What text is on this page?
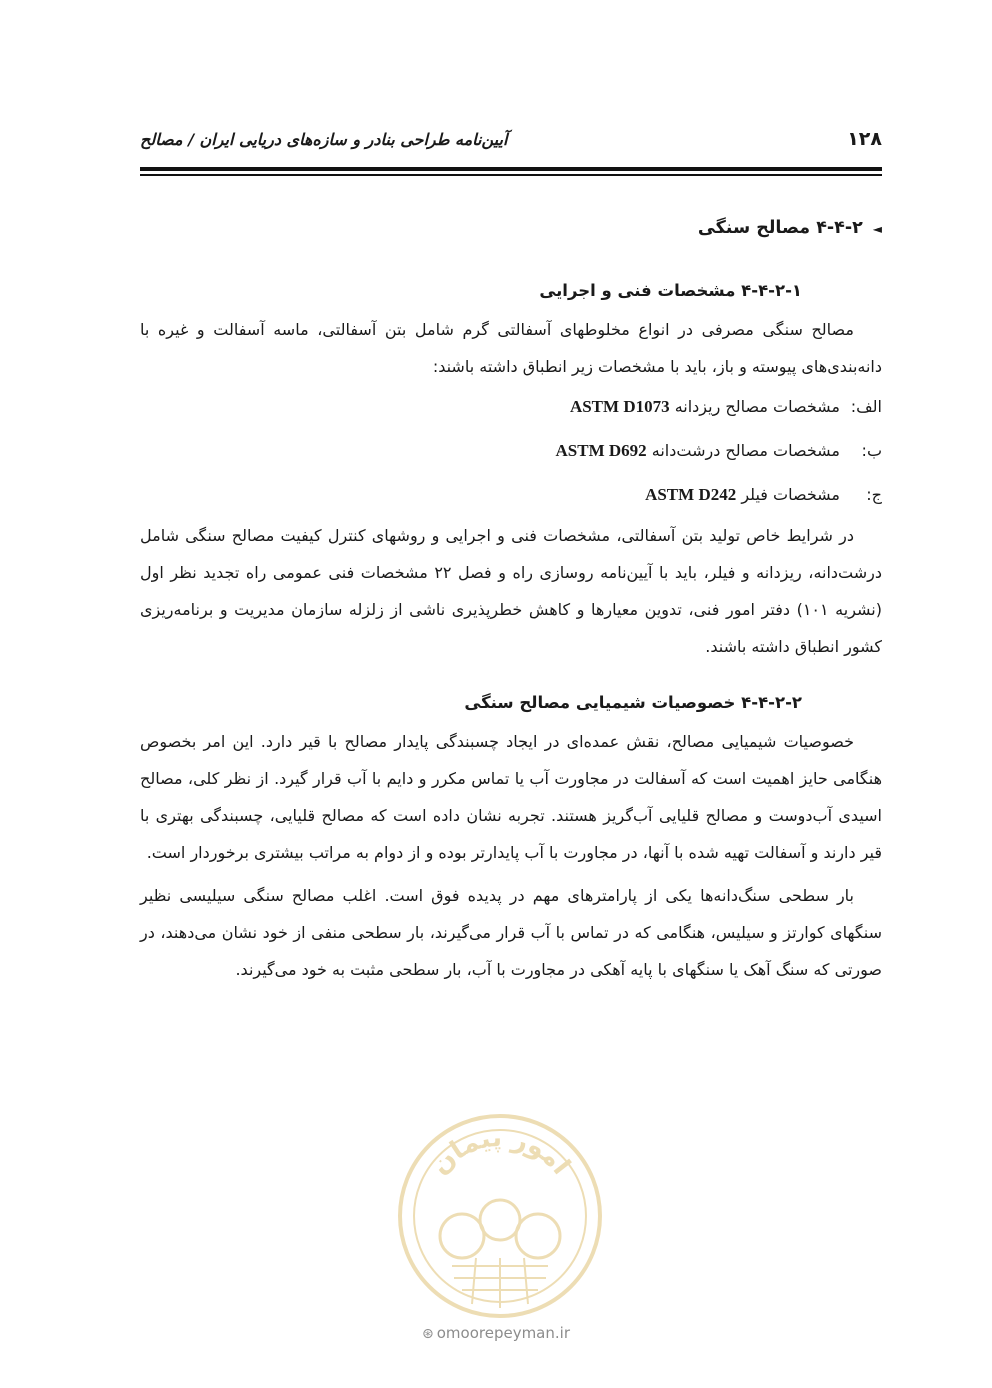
۱۲۸
آیین‌نامه طراحی بنادر و سازه‌های دریایی ایران / مصالح
◄۴-۴-۲ مصالح سنگی
۴-۴-۲-۱ مشخصات فنی و اجرایی

مصالح سنگی مصرفی در انواع مخلوطهای آسفالتی گرم شامل بتن آسفالتی، ماسه آسفالت و غیره با دانه‌بندی‌های پیوسته و باز، باید با مشخصات زیر انطباق داشته باشند:

الف:مشخصات مصالح ریزدانه ASTM D1073
ب:مشخصات مصالح درشت‌دانه ASTM D692
ج:مشخصات فیلر ASTM D242

در شرایط خاص تولید بتن آسفالتی، مشخصات فنی و اجرایی و روشهای کنترل کیفیت مصالح سنگی شامل درشت‌دانه، ریزدانه و فیلر، باید با آیین‌نامه روسازی راه و فصل ۲۲ مشخصات فنی عمومی راه تجدید نظر اول (نشریه ۱۰۱) دفتر امور فنی، تدوین معیارها و کاهش خطرپذیری ناشی از زلزله سازمان مدیریت و برنامه‌ریزی کشور انطباق داشته باشند.

۴-۴-۲-۲ خصوصیات شیمیایی مصالح سنگی

خصوصیات شیمیایی مصالح، نقش عمده‌ای در ایجاد چسبندگی پایدار مصالح با قیر دارد. این امر بخصوص هنگامی حایز اهمیت است که آسفالت در مجاورت آب یا تماس مکرر و دایم با آب قرار گیرد. از نظر کلی، مصالح اسیدی آب‌دوست و مصالح قلیایی آب‌گریز هستند. تجربه نشان داده است که مصالح قلیایی، چسبندگی بهتری با قیر دارند و آسفالت تهیه شده با آنها، در مجاورت با آب پایدارتر بوده و از دوام به مراتب بیشتری برخوردار است.

بار سطحی سنگ‌دانه‌ها یکی از پارامترهای مهم در پدیده فوق است. اغلب مصالح سنگی سیلیسی نظیر سنگهای کوارتز و سیلیس، هنگامی که در تماس با آب قرار می‌گیرند، بار سطحی منفی از خود نشان می‌دهند، در صورتی که سنگ آهک یا سنگهای با پایه آهکی در مجاورت با آب، بار سطحی مثبت به خود می‌گیرند.

امور پیمان
⊛ omoorepeyman.ir
